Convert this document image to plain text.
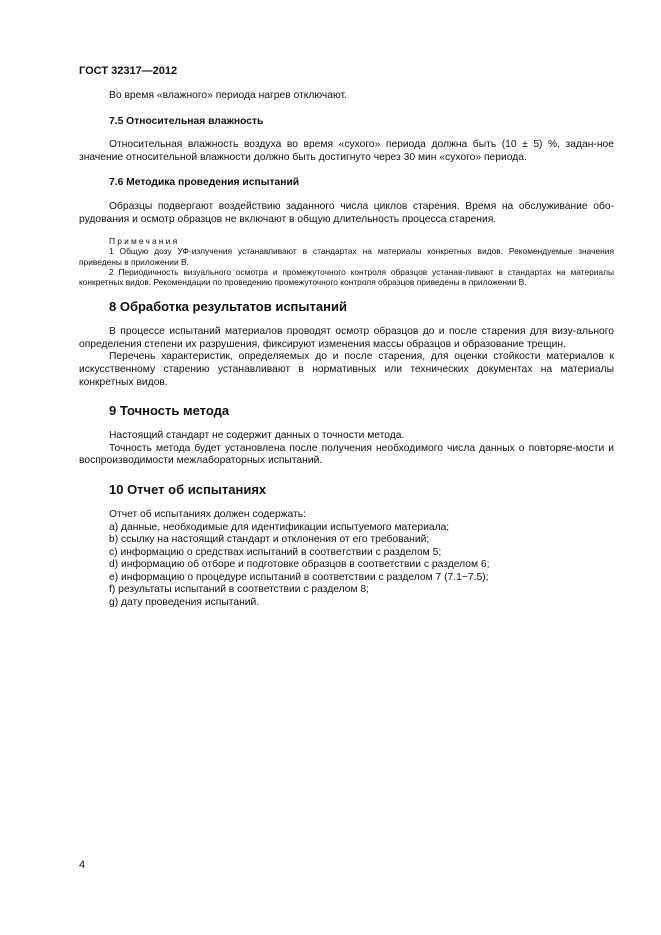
ГОСТ 32317—2012

Во время «влажного» периода нагрев отключают.

7.5 Относительная влажность

Относительная влажность воздуха во время «сухого» периода должна быть (10 ± 5) %, задан-ное значение относительной влажности должно быть достигнуто через 30 мин «сухого» периода.

7.6 Методика проведения испытаний

Образцы подвергают воздействию заданного числа циклов старения. Время на обслуживание обо-рудования и осмотр образцов не включают в общую длительность процесса старения.

Примечания

1 Общую дозу УФ-излучения устанавливают в стандартах на материалы конкретных видов. Рекомендуемые значения приведены в приложении В.

2 Периодичность визуального осмотра и промежуточного контроля образцов устанав-ливают в стандартах на материалы конкретных видов. Рекомендации по проведению промежуточного контроля образцов приведены в приложении В.

8 Обработка результатов испытаний

В процессе испытаний материалов проводят осмотр образцов до и после старения для визу-ального определения степени их разрушения, фиксируют изменения массы образцов и образование трещин.

Перечень характеристик, определяемых до и после старения, для оценки стойкости материалов к искусственному старению устанавливают в нормативных или технических документах на материалы конкретных видов.

9 Точность метода

Настоящий стандарт не содержит данных о точности метода.

Точность метода будет установлена после получения необходимого числа данных о повторяе-мости и воспроизводимости межлабораторных испытаний.

10 Отчет об испытаниях

Отчет об испытаниях должен содержать:

a) данные, необходимые для идентификации испытуемого материала;
b) ссылку на настоящий стандарт и отклонения от его требований;
c) информацию о средствах испытаний в соответствии с разделом 5;
d) информацию об отборе и подготовке образцов в соответствии с разделом 6;
e) информацию о процедуре испытаний в соответствии с разделом 7 (7.1−7.5);
f) результаты испытаний в соответствии с разделом 8;
g) дату проведения испытаний.
4
